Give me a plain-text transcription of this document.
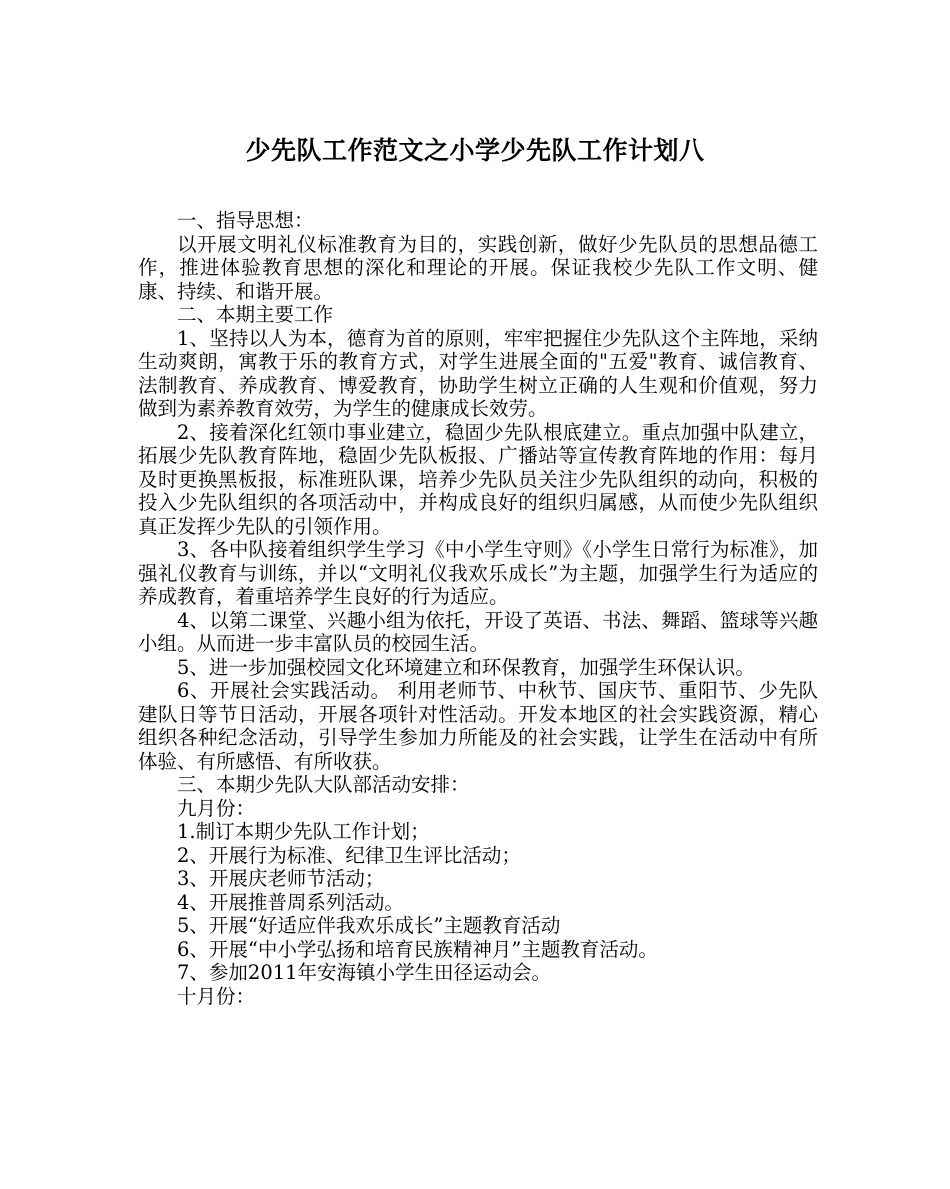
少先队工作范文之小学少先队工作计划八

一、指导思想：

以开展文明礼仪标准教育为目的，实践创新，做好少先队员的思想品德工作，推进体验教育思想的深化和理论的开展。保证我校少先队工作文明、健康、持续、和谐开展。

二、本期主要工作

1、坚持以人为本，德育为首的原则，牢牢把握住少先队这个主阵地，采纳生动爽朗，寓教于乐的教育方式，对学生进展全面的"五爱"教育、诚信教育、法制教育、养成教育、博爱教育，协助学生树立正确的人生观和价值观，努力做到为素养教育效劳，为学生的健康成长效劳。

2、接着深化红领巾事业建立，稳固少先队根底建立。重点加强中队建立，拓展少先队教育阵地，稳固少先队板报、广播站等宣传教育阵地的作用：每月及时更换黑板报，标准班队课，培养少先队员关注少先队组织的动向，积极的投入少先队组织的各项活动中，并构成良好的组织归属感，从而使少先队组织真正发挥少先队的引领作用。

3、各中队接着组织学生学习《中小学生守则》《小学生日常行为标准》，加强礼仪教育与训练，并以“文明礼仪我欢乐成长”为主题，加强学生行为适应的养成教育，着重培养学生良好的行为适应。

4、以第二课堂、兴趣小组为依托，开设了英语、书法、舞蹈、篮球等兴趣小组。从而进一步丰富队员的校园生活。

5、进一步加强校园文化环境建立和环保教育，加强学生环保认识。

6、开展社会实践活动。 利用老师节、中秋节、国庆节、重阳节、少先队建队日等节日活动，开展各项针对性活动。开发本地区的社会实践资源，精心组织各种纪念活动，引导学生参加力所能及的社会实践，让学生在活动中有所体验、有所感悟、有所收获。

三、本期少先队大队部活动安排：

九月份：

1.制订本期少先队工作计划；

2、开展行为标准、纪律卫生评比活动；

3、开展庆老师节活动；

4、开展推普周系列活动。

5、开展“好适应伴我欢乐成长”主题教育活动

6、开展“中小学弘扬和培育民族精神月”主题教育活动。

7、参加2011年安海镇小学生田径运动会。

十月份：
